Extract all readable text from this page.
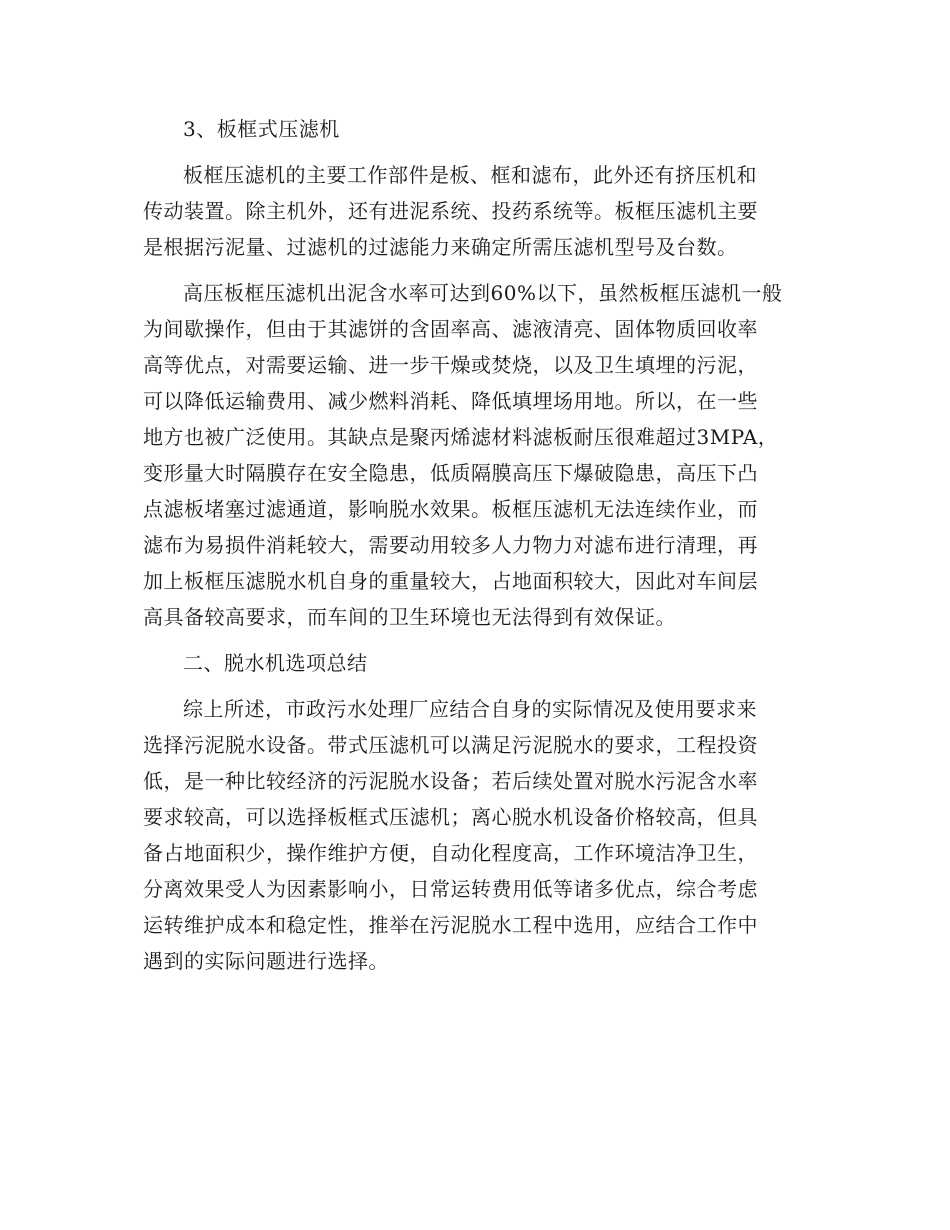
3、板框式压滤机
板框压滤机的主要工作部件是板、框和滤布，此外还有挤压机和
传动装置。除主机外，还有进泥系统、投药系统等。板框压滤机主要
是根据污泥量、过滤机的过滤能力来确定所需压滤机型号及台数。
高压板框压滤机出泥含水率可达到60%以下，虽然板框压滤机一般
为间歇操作，但由于其滤饼的含固率高、滤液清亮、固体物质回收率
高等优点，对需要运输、进一步干燥或焚烧，以及卫生填埋的污泥，
可以降低运输费用、减少燃料消耗、降低填埋场用地。所以，在一些
地方也被广泛使用。其缺点是聚丙烯滤材料滤板耐压很难超过3MPA，
变形量大时隔膜存在安全隐患，低质隔膜高压下爆破隐患，高压下凸
点滤板堵塞过滤通道，影响脱水效果。板框压滤机无法连续作业，而
滤布为易损件消耗较大，需要动用较多人力物力对滤布进行清理，再
加上板框压滤脱水机自身的重量较大，占地面积较大，因此对车间层
高具备较高要求，而车间的卫生环境也无法得到有效保证。
二、脱水机选项总结
综上所述，市政污水处理厂应结合自身的实际情况及使用要求来
选择污泥脱水设备。带式压滤机可以满足污泥脱水的要求，工程投资
低，是一种比较经济的污泥脱水设备；若后续处置对脱水污泥含水率
要求较高，可以选择板框式压滤机；离心脱水机设备价格较高，但具
备占地面积少，操作维护方便，自动化程度高，工作环境洁净卫生，
分离效果受人为因素影响小，日常运转费用低等诸多优点，综合考虑
运转维护成本和稳定性，推举在污泥脱水工程中选用，应结合工作中
遇到的实际问题进行选择。
